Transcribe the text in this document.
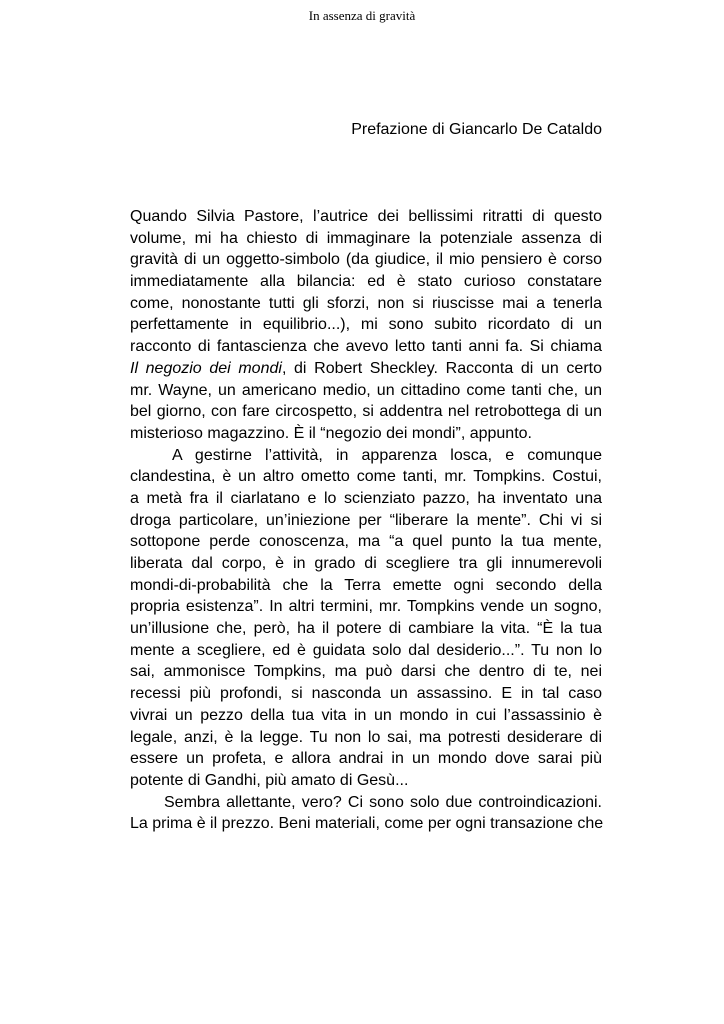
In assenza di gravità
Prefazione di Giancarlo De Cataldo
Quando Silvia Pastore, l’autrice dei bellissimi ritratti di questo
volume, mi ha chiesto di immaginare la potenziale assenza di
gravità di un oggetto-simbolo (da giudice, il mio pensiero è corso
immediatamente alla bilancia: ed è stato curioso constatare
come, nonostante tutti gli sforzi, non si riuscisse mai a tenerla
perfettamente in equilibrio...), mi sono subito ricordato di un
racconto di fantascienza che avevo letto tanti anni fa. Si chiama
Il negozio dei mondi, di Robert Sheckley. Racconta di un certo
mr. Wayne, un americano medio, un cittadino come tanti che, un
bel giorno, con fare circospetto, si addentra nel retrobottega di un
misterioso magazzino. È il “negozio dei mondi”, appunto.
A gestirne l’attività, in apparenza losca, e comunque
clandestina, è un altro ometto come tanti, mr. Tompkins. Costui,
a metà fra il ciarlatano e lo scienziato pazzo, ha inventato una
droga particolare, un’iniezione per “liberare la mente”. Chi vi si
sottopone perde conoscenza, ma “a quel punto la tua mente,
liberata dal corpo, è in grado di scegliere tra gli innumerevoli
mondi-di-probabilità che la Terra emette ogni secondo della
propria esistenza”. In altri termini, mr. Tompkins vende un sogno,
un’illusione che, però, ha il potere di cambiare la vita. “È la tua
mente a scegliere, ed è guidata solo dal desiderio...”. Tu non lo
sai, ammonisce Tompkins, ma può darsi che dentro di te, nei
recessi più profondi, si nasconda un assassino. E in tal caso
vivrai un pezzo della tua vita in un mondo in cui l’assassinio è
legale, anzi, è la legge. Tu non lo sai, ma potresti desiderare di
essere un profeta, e allora andrai in un mondo dove sarai più
potente di Gandhi, più amato di Gesù...
Sembra allettante, vero? Ci sono solo due controindicazioni.
La prima è il prezzo. Beni materiali, come per ogni transazione che
